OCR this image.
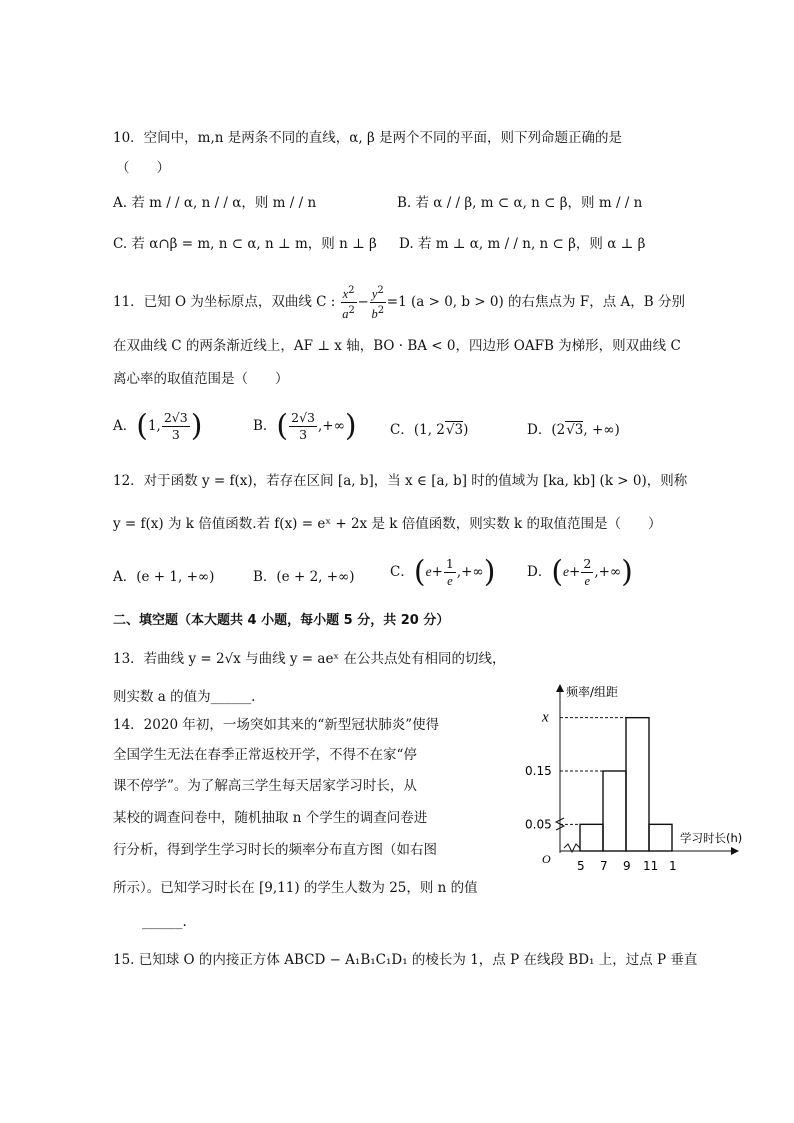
10．空间中，m,n 是两条不同的直线，α, β 是两个不同的平面，则下列命题正确的是
（　　）
A. 若 m / / α, n / / α，则 m / / n	B. 若 α / / β, m ⊂ α, n ⊂ β，则 m / / n
C. 若 α∩β = m, n ⊂ α, n ⊥ m，则 n ⊥ β D. 若 m ⊥ α, m / / n, n ⊂ β，则 α ⊥ β
11．已知 O 为坐标原点，双曲线 C : $\frac{x^2}{a^2} - \frac{y^2}{b^2} =1$ (a > 0, b > 0) 的右焦点为 F，点 A，B 分别
在双曲线 C 的两条渐近线上，AF ⊥ x 轴，BO · BA < 0，四边形 OAFB 为梯形，则双曲线 C
离心率的取值范围是（　　）
A．(1, $\frac{2√3}{3}$ )	B．( $\frac{2√3}{3}$ ,+∞) C．(1, 2√3)	D．(2√3, +∞)
12．对于函数 y = f(x)，若存在区间 [a, b]，当 x ∈ [a, b] 时的值域为 [ka, kb] (k > 0)，则称
y = f(x) 为 k 倍值函数.若 f(x) = eˣ + 2x 是 k 倍值函数，则实数 k 的取值范围是（　　）
A．(e + 1, +∞)	B．(e + 2, +∞)	C．($e+ \frac{1}{e}$ ,+∞) D．($e+ \frac{2}{e}$ ,+∞)
二、填空题（本大题共 4 小题，每小题 5 分，共 20 分）
13．若曲线 y = 2√x 与曲线 y = aeˣ 在公共点处有相同的切线，
则实数 a 的值为______.
14．2020 年初，一场突如其来的“新型冠状肺炎”使得
全国学生无法在春季正常返校开学，不得不在家“停
课不停学”。为了解高三学生每天居家学习时长，从
某校的调查问卷中，随机抽取 n 个学生的调查问卷进
行分析，得到学生学习时长的频率分布直方图（如右图
所示）。已知学习时长在 [9,11) 的学生人数为 25，则 n 的值
______.
0.05
0.15
x
5 7 9 11 1
频率/组距
学习时长(h)
O
15. 已知球 O 的内接正方体 ABCD − A₁B₁C₁D₁ 的棱长为 1，点 P 在线段 BD₁ 上，过点 P 垂直
